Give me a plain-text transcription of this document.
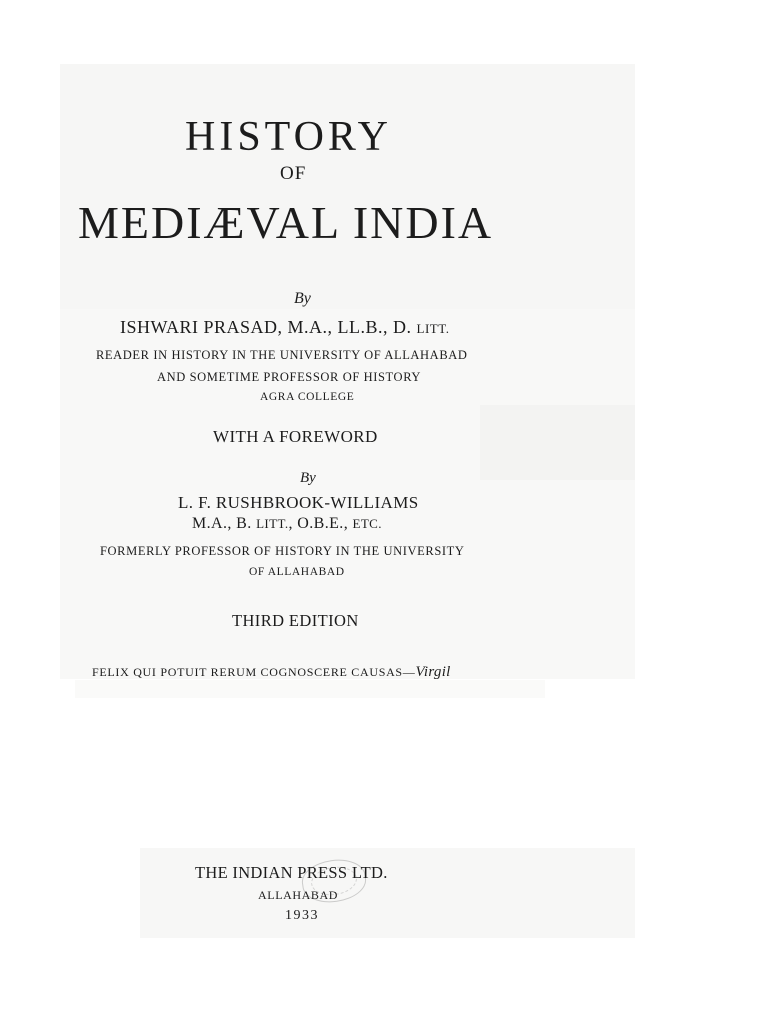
HISTORY
OF
MEDIÆVAL INDIA
By
ISHWARI PRASAD, M.A., LL.B., D. LITT.
READER IN HISTORY IN THE UNIVERSITY OF ALLAHABAD
AND SOMETIME PROFESSOR OF HISTORY
AGRA COLLEGE
WITH A FOREWORD
By
L. F. RUSHBROOK-WILLIAMS
M.A., B. LITT., O.B.E., ETC.
FORMERLY PROFESSOR OF HISTORY IN THE UNIVERSITY
OF ALLAHABAD
THIRD EDITION
FELIX QUI POTUIT RERUM COGNOSCERE CAUSAS—Virgil
THE INDIAN PRESS LTD.
ALLAHABAD
1933
